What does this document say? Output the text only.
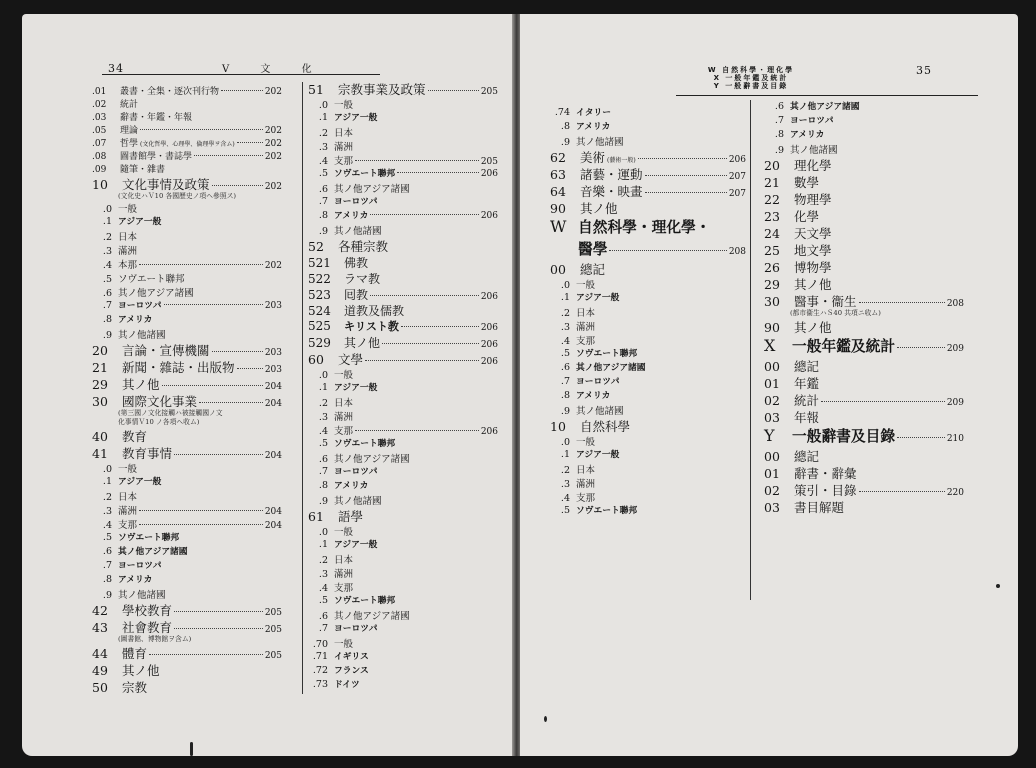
34	V 文 化
.01	叢書・全集・逐次刊行物	202
.02	統計
.03	辭書・年鑑・年報
.05	理論	202
.07	哲學 (文化哲學、心理學、倫理學ヲ含ム)	202
.08	圖書館學・書誌學	202
.09	隨筆・雜書
10	文化事情及政策	202
(文化史ハＶ10 各國歷史ノ項ヘ參照ス)
.0 一般
.1 アジア一般
.2 日本
.3 滿洲
.4 本那	202
.5 ソヴエート聯邦
.6 其ノ他アジア諸國
.7 ヨーロツパ	203
.8 アメリカ
.9 其ノ他諸國
20	言論・宣傳機關	203
21	新聞・雜誌・出版物	203
29	其ノ他	204
30	國際文化事業	204
(第三國ノ文化接觸ハ被接觸國ノ文
化事情Ｖ10 ノ各項ヘ收ム)
40	教育
41	教育事情	204
.0 一般
.1 アジア一般
.2 日本
.3 滿洲	204
.4 支那	204
.5 ソヴエート聯邦
.6 其ノ他アジア諸國
.7 ヨーロツパ
.8 アメリカ
.9 其ノ他諸國
42	學校教育	205
43	社會教育	205
(圖書館、博物館ヲ含ム)
44	體育	205
49	其ノ他
50	宗教
51	宗教事業及政策	205
.0 一般
.1 アジア一般
.2 日本
.3 滿洲
.4 支那	205
.5 ソヴエート聯邦	206
.6 其ノ他アジア諸國
.7 ヨーロツパ
.8 アメリカ	206
.9 其ノ他諸國
52	各種宗教
521	佛教
522	ラマ教
523	囘教	206
524	道教及儒教
525	キリスト教	206
529	其ノ他	206
60	文學	206
.0 一般
.1 アジア一般
.2 日本
.3 滿洲
.4 支那	206
.5 ソヴエート聯邦
.6 其ノ他アジア諸國
.7 ヨーロツパ
.8 アメリカ
.9 其ノ他諸國
61	語學
.0 一般
.1 アジア一般
.2 日本
.3 滿洲
.4 支那
.5 ソヴエート聯邦
.6 其ノ他アジア諸國
.7 ヨーロツパ
.70 一般
.71 イギリス
.72 フランス
.73 ドイツ
W 自然科學・理化學
X 一般年鑑及統計
Y 一般辭書及目錄
35
.74 イタリー
.8 アメリカ
.9 其ノ他諸國
62	美術 (藝術一般)	206
63	諸藝・運動	207
64	音樂・映畫	207
90	其ノ他
W 自然科學・理化學・
醫學	208
00	總記
.0 一般
.1 アジア一般
.2 日本
.3 滿洲
.4 支那
.5 ソヴエート聯邦
.6 其ノ他アジア諸國
.7 ヨーロツパ
.8 アメリカ
.9 其ノ他諸國
10	自然科學
.0 一般
.1 アジア一般
.2 日本
.3 滿洲
.4 支那
.5 ソヴエート聯邦
.6 其ノ他アジア諸國
.7 ヨーロツパ
.8 アメリカ
.9 其ノ他諸國
20	理化學
21	數學
22	物理學
23	化學
24	天文學
25	地文學
26	博物學
29	其ノ他
30	醫事・衞生	208
(都市衞生ハＳ40 共項ニ收ム)
90	其ノ他
X	一般年鑑及統計	209
00	總記
01	年鑑
02	統計	209
03	年報
Y	一般辭書及目錄	210
00	總記
01	辭書・辭彙
02	策引・目錄	220
03	書目解題
